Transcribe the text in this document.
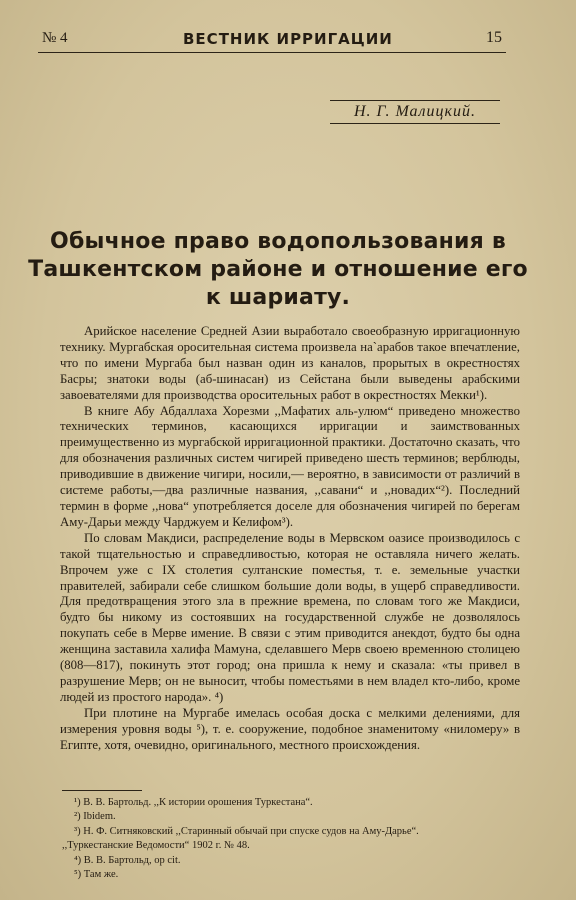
№ 4	ВЕСТНИК ИРРИГАЦИИ	15
Н. Г. Малицкий.
Обычное право водопользования в Ташкентском районе и отношение его к шариату.

Арийское население Средней Азии выработало своеобразную ирригационную технику. Мургабская оросительная система произвела на`арабов такое впечатление, что по имени Мургаба был назван один из каналов, прорытых в окрестностях Басры; знатоки воды (аб-шинасан) из Сейстана были выведены арабскими завоевателями для производства оросительных работ в окрестностях Мекки¹).

В книге Абу Абдаллаха Хорезми ,,Мафатих аль-улюм“ приведено множество технических терминов, касающихся ирригации и заимствованных преимущественно из мургабской ирригационной практики. Достаточно сказать, что для обозначения различных систем чигирей приведено шесть терминов; верблюды, приводившие в движение чигири, носили,— вероятно, в зависимости от различий в системе работы,—два различные названия, ,,савани“ и ,,новадих“²). Последний термин в форме ,,нова“ употребляется доселе для обозначения чигирей по берегам Аму-Дарьи между Чарджуем и Келифом³).

По словам Макдиси, распределение воды в Мервском оазисе производилось с такой тщательностью и справедливостью, которая не оставляла ничего желать. Впрочем уже с IX столетия султанские поместья, т. е. земельные участки правителей, забирали себе слишком большие доли воды, в ущерб справедливости. Для предотвращения этого зла в прежние времена, по словам того же Макдиси, будто бы никому из состоявших на государственной службе не дозволялось покупать себе в Мерве имение. В связи с этим приводится анекдот, будто бы одна женщина заставила халифа Мамуна, сделавшего Мерв своею временною столицею (808—817), покинуть этот город; она пришла к нему и сказала: «ты привел в разрушение Мерв; он не выносит, чтобы поместьями в нем владел кто-либо, кроме людей из простого народа». ⁴)

При плотине на Мургабе имелась особая доска с мелкими делениями, для измерения уровня воды ⁵), т. е. сооружение, подобное знаменитому «ниломеру» в Египте, хотя, очевидно, оригинального, местного происхождения.

¹) В. В. Бартольд. ,,К истории орошения Туркестана“.

²) Ibidem.

³) Н. Ф. Ситняковский ,,Старинный обычай при спуске судов на Аму-Дарье“.

,,Туркестанские Ведомости“ 1902 г. № 48.

⁴) В. В. Бартольд, op cit.

⁵) Там же.
